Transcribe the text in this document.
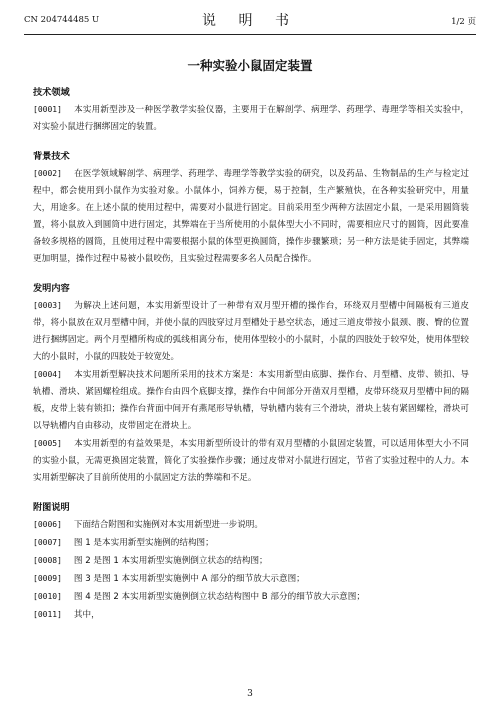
CN 204744485 U	说 明 书	1/2 页
一种实验小鼠固定装置
技术领域
[0001] 本实用新型涉及一种医学教学实验仪器，主要用于在解剖学、病理学、药理学、毒理学等相关实验中，对实验小鼠进行捆绑固定的装置。
背景技术
[0002] 在医学领域解剖学、病理学、药理学、毒理学等教学实验的研究，以及药品、生物制品的生产与检定过程中，都会使用到小鼠作为实验对象。小鼠体小，饲养方便，易于控制，生产繁殖快，在各种实验研究中，用量大，用途多。在上述小鼠的使用过程中，需要对小鼠进行固定。目前采用至少两种方法固定小鼠，一是采用圆筒装置，将小鼠放入到圆筒中进行固定，其弊端在于当所使用的小鼠体型大小不同时，需要相应尺寸的圆筒，因此要准备较多规格的圆筒，且使用过程中需要根据小鼠的体型更换圆筒，操作步骤繁琐；另一种方法是徒手固定，其弊端更加明显，操作过程中易被小鼠咬伤，且实验过程需要多名人员配合操作。
发明内容
[0003] 为解决上述问题，本实用新型设计了一种带有双月型开槽的操作台，环绕双月型槽中间隔板有三道皮带，将小鼠放在双月型槽中间，并使小鼠的四肢穿过月型槽处于悬空状态，通过三道皮带按小鼠颈、腹、臀的位置进行捆绑固定。两个月型槽所构成的弧线相离分布，使用体型较小的小鼠时，小鼠的四肢处于较窄处，使用体型较大的小鼠时，小鼠的四肢处于较宽处。
[0004] 本实用新型解决技术问题所采用的技术方案是：本实用新型由底脚、操作台、月型槽、皮带、锁扣、导轨槽、滑块、紧固螺栓组成。操作台由四个底脚支撑，操作台中间部分开凿双月型槽，皮带环绕双月型槽中间的隔板，皮带上装有锁扣；操作台背面中间开有燕尾形导轨槽，导轨槽内装有三个滑块，滑块上装有紧固螺栓，滑块可以导轨槽内自由移动，皮带固定在滑块上。
[0005] 本实用新型的有益效果是，本实用新型所设计的带有双月型槽的小鼠固定装置，可以适用体型大小不同的实验小鼠，无需更换固定装置，简化了实验操作步骤；通过皮带对小鼠进行固定，节省了实验过程中的人力。本实用新型解决了目前所使用的小鼠固定方法的弊端和不足。
附图说明
[0006] 下面结合附图和实施例对本实用新型进一步说明。
[0007] 图 1 是本实用新型实施例的结构图；
[0008] 图 2 是图 1 本实用新型实施例倒立状态的结构图；
[0009] 图 3 是图 1 本实用新型实施例中 A 部分的细节放大示意图；
[0010] 图 4 是图 2 本实用新型实施例倒立状态结构图中 B 部分的细节放大示意图；
[0011] 其中，
3
